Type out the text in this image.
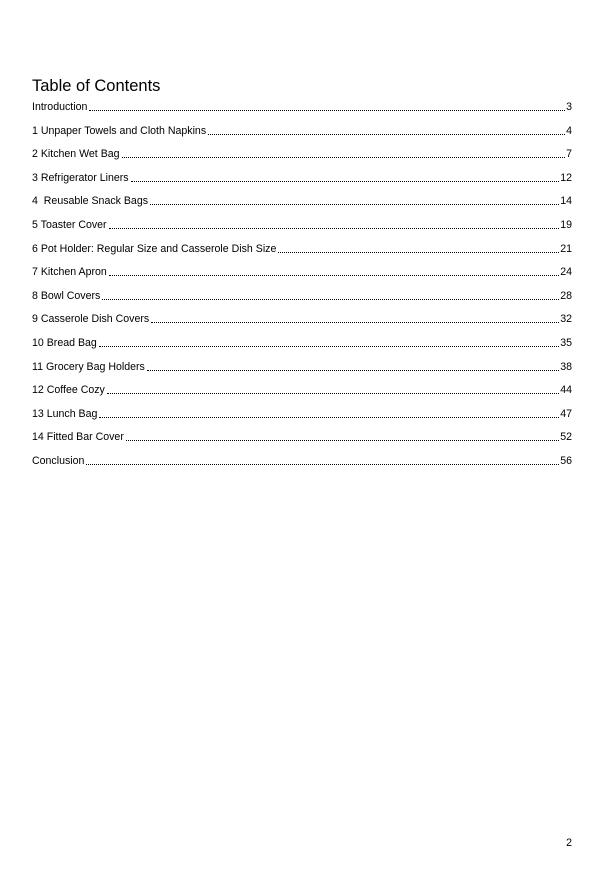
Table of Contents
Introduction	3
1 Unpaper Towels and Cloth Napkins	4
2 Kitchen Wet Bag	7
3 Refrigerator Liners	12
4  Reusable Snack Bags	14
5 Toaster Cover	19
6 Pot Holder: Regular Size and Casserole Dish Size	21
7 Kitchen Apron	24
8 Bowl Covers	28
9 Casserole Dish Covers	32
10 Bread Bag	35
11 Grocery Bag Holders	38
12 Coffee Cozy	44
13 Lunch Bag	47
14 Fitted Bar Cover	52
Conclusion	56
2
